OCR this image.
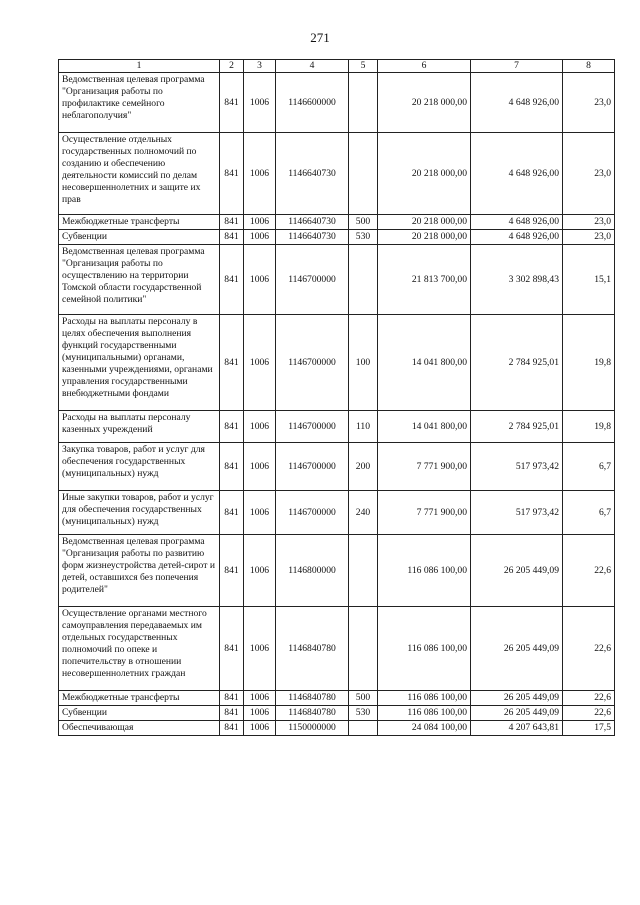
271
1	2	3	4	5	6	7	8
Ведомственная целевая программа "Организация работы по профилактике семейного неблагополучия"	841	1006	1146600000		20 218 000,00	4 648 926,00	23,0
Осуществление отдельных государственных полномочий по созданию и обеспечению деятельности комиссий по делам несовершеннолетних и защите их прав	841	1006	1146640730		20 218 000,00	4 648 926,00	23,0
Межбюджетные трансферты	841	1006	1146640730	500	20 218 000,00	4 648 926,00	23,0
Субвенции	841	1006	1146640730	530	20 218 000,00	4 648 926,00	23,0
Ведомственная целевая программа "Организация работы по осуществлению на территории Томской области государственной семейной политики"	841	1006	1146700000		21 813 700,00	3 302 898,43	15,1
Расходы на выплаты персоналу в целях обеспечения выполнения функций государственными (муниципальными) органами, казенными учреждениями, органами управления государственными внебюджетными фондами	841	1006	1146700000	100	14 041 800,00	2 784 925,01	19,8
Расходы на выплаты персоналу казенных учреждений	841	1006	1146700000	110	14 041 800,00	2 784 925,01	19,8
Закупка товаров, работ и услуг для обеспечения государственных (муниципальных) нужд	841	1006	1146700000	200	7 771 900,00	517 973,42	6,7
Иные закупки товаров, работ и услуг для обеспечения государственных (муниципальных) нужд	841	1006	1146700000	240	7 771 900,00	517 973,42	6,7
Ведомственная целевая программа "Организация работы по развитию форм жизнеустройства детей-сирот и детей, оставшихся без попечения родителей"	841	1006	1146800000		116 086 100,00	26 205 449,09	22,6
Осуществление органами местного самоуправления передаваемых им отдельных государственных полномочий по опеке и попечительству в отношении несовершеннолетних граждан	841	1006	1146840780		116 086 100,00	26 205 449,09	22,6
Межбюджетные трансферты	841	1006	1146840780	500	116 086 100,00	26 205 449,09	22,6
Субвенции	841	1006	1146840780	530	116 086 100,00	26 205 449,09	22,6
Обеспечивающая	841	1006	1150000000		24 084 100,00	4 207 643,81	17,5
